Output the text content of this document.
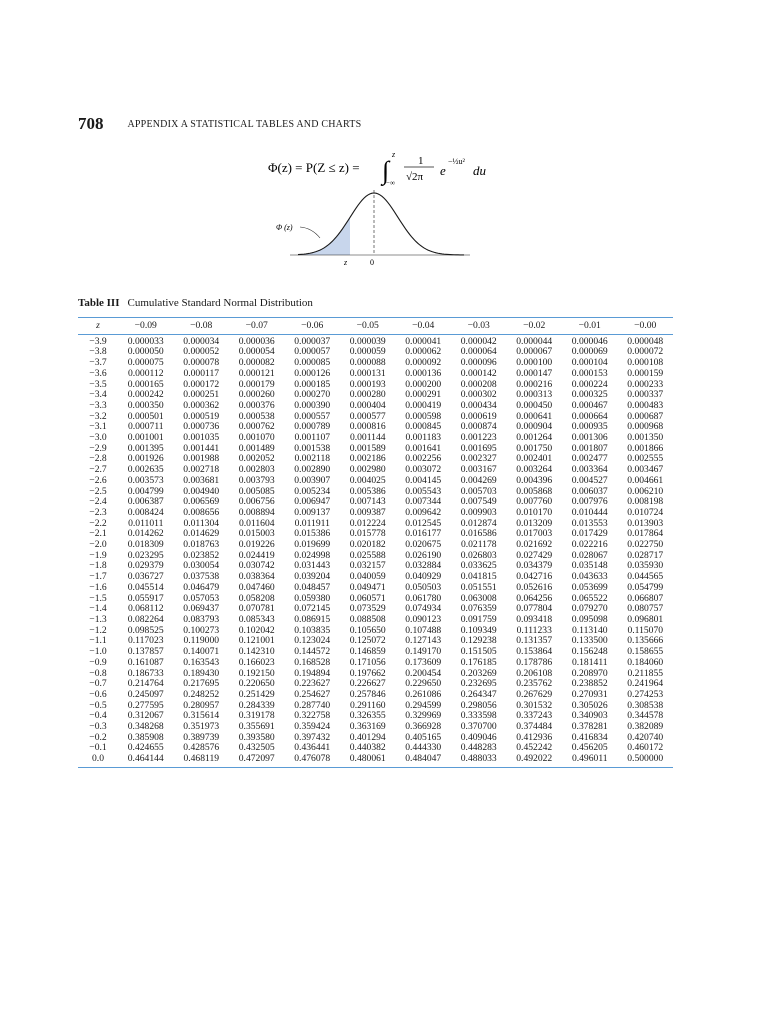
708 APPENDIX A STATISTICAL TABLES AND CHARTS
Φ(z) = P(Z ≤ z) = ∫
z
−∞
1
√2π e
−½u²
du
Φ (z)
z	0
Table III Cumulative Standard Normal Distribution
z	−0.09	−0.08	−0.07	−0.06	−0.05	−0.04	−0.03	−0.02	−0.01	−0.00
−3.9	0.000033	0.000034	0.000036	0.000037	0.000039	0.000041	0.000042	0.000044	0.000046	0.000048
−3.8	0.000050	0.000052	0.000054	0.000057	0.000059	0.000062	0.000064	0.000067	0.000069	0.000072
−3.7	0.000075	0.000078	0.000082	0.000085	0.000088	0.000092	0.000096	0.000100	0.000104	0.000108
−3.6	0.000112	0.000117	0.000121	0.000126	0.000131	0.000136	0.000142	0.000147	0.000153	0.000159
−3.5	0.000165	0.000172	0.000179	0.000185	0.000193	0.000200	0.000208	0.000216	0.000224	0.000233
−3.4	0.000242	0.000251	0.000260	0.000270	0.000280	0.000291	0.000302	0.000313	0.000325	0.000337
−3.3	0.000350	0.000362	0.000376	0.000390	0.000404	0.000419	0.000434	0.000450	0.000467	0.000483
−3.2	0.000501	0.000519	0.000538	0.000557	0.000577	0.000598	0.000619	0.000641	0.000664	0.000687
−3.1	0.000711	0.000736	0.000762	0.000789	0.000816	0.000845	0.000874	0.000904	0.000935	0.000968
−3.0	0.001001	0.001035	0.001070	0.001107	0.001144	0.001183	0.001223	0.001264	0.001306	0.001350
−2.9	0.001395	0.001441	0.001489	0.001538	0.001589	0.001641	0.001695	0.001750	0.001807	0.001866
−2.8	0.001926	0.001988	0.002052	0.002118	0.002186	0.002256	0.002327	0.002401	0.002477	0.002555
−2.7	0.002635	0.002718	0.002803	0.002890	0.002980	0.003072	0.003167	0.003264	0.003364	0.003467
−2.6	0.003573	0.003681	0.003793	0.003907	0.004025	0.004145	0.004269	0.004396	0.004527	0.004661
−2.5	0.004799	0.004940	0.005085	0.005234	0.005386	0.005543	0.005703	0.005868	0.006037	0.006210
−2.4	0.006387	0.006569	0.006756	0.006947	0.007143	0.007344	0.007549	0.007760	0.007976	0.008198
−2.3	0.008424	0.008656	0.008894	0.009137	0.009387	0.009642	0.009903	0.010170	0.010444	0.010724
−2.2	0.011011	0.011304	0.011604	0.011911	0.012224	0.012545	0.012874	0.013209	0.013553	0.013903
−2.1	0.014262	0.014629	0.015003	0.015386	0.015778	0.016177	0.016586	0.017003	0.017429	0.017864
−2.0	0.018309	0.018763	0.019226	0.019699	0.020182	0.020675	0.021178	0.021692	0.022216	0.022750
−1.9	0.023295	0.023852	0.024419	0.024998	0.025588	0.026190	0.026803	0.027429	0.028067	0.028717
−1.8	0.029379	0.030054	0.030742	0.031443	0.032157	0.032884	0.033625	0.034379	0.035148	0.035930
−1.7	0.036727	0.037538	0.038364	0.039204	0.040059	0.040929	0.041815	0.042716	0.043633	0.044565
−1.6	0.045514	0.046479	0.047460	0.048457	0.049471	0.050503	0.051551	0.052616	0.053699	0.054799
−1.5	0.055917	0.057053	0.058208	0.059380	0.060571	0.061780	0.063008	0.064256	0.065522	0.066807
−1.4	0.068112	0.069437	0.070781	0.072145	0.073529	0.074934	0.076359	0.077804	0.079270	0.080757
−1.3	0.082264	0.083793	0.085343	0.086915	0.088508	0.090123	0.091759	0.093418	0.095098	0.096801
−1.2	0.098525	0.100273	0.102042	0.103835	0.105650	0.107488	0.109349	0.111233	0.113140	0.115070
−1.1	0.117023	0.119000	0.121001	0.123024	0.125072	0.127143	0.129238	0.131357	0.133500	0.135666
−1.0	0.137857	0.140071	0.142310	0.144572	0.146859	0.149170	0.151505	0.153864	0.156248	0.158655
−0.9	0.161087	0.163543	0.166023	0.168528	0.171056	0.173609	0.176185	0.178786	0.181411	0.184060
−0.8	0.186733	0.189430	0.192150	0.194894	0.197662	0.200454	0.203269	0.206108	0.208970	0.211855
−0.7	0.214764	0.217695	0.220650	0.223627	0.226627	0.229650	0.232695	0.235762	0.238852	0.241964
−0.6	0.245097	0.248252	0.251429	0.254627	0.257846	0.261086	0.264347	0.267629	0.270931	0.274253
−0.5	0.277595	0.280957	0.284339	0.287740	0.291160	0.294599	0.298056	0.301532	0.305026	0.308538
−0.4	0.312067	0.315614	0.319178	0.322758	0.326355	0.329969	0.333598	0.337243	0.340903	0.344578
−0.3	0.348268	0.351973	0.355691	0.359424	0.363169	0.366928	0.370700	0.374484	0.378281	0.382089
−0.2	0.385908	0.389739	0.393580	0.397432	0.401294	0.405165	0.409046	0.412936	0.416834	0.420740
−0.1	0.424655	0.428576	0.432505	0.436441	0.440382	0.444330	0.448283	0.452242	0.456205	0.460172
0.0	0.464144	0.468119	0.472097	0.476078	0.480061	0.484047	0.488033	0.492022	0.496011	0.500000
